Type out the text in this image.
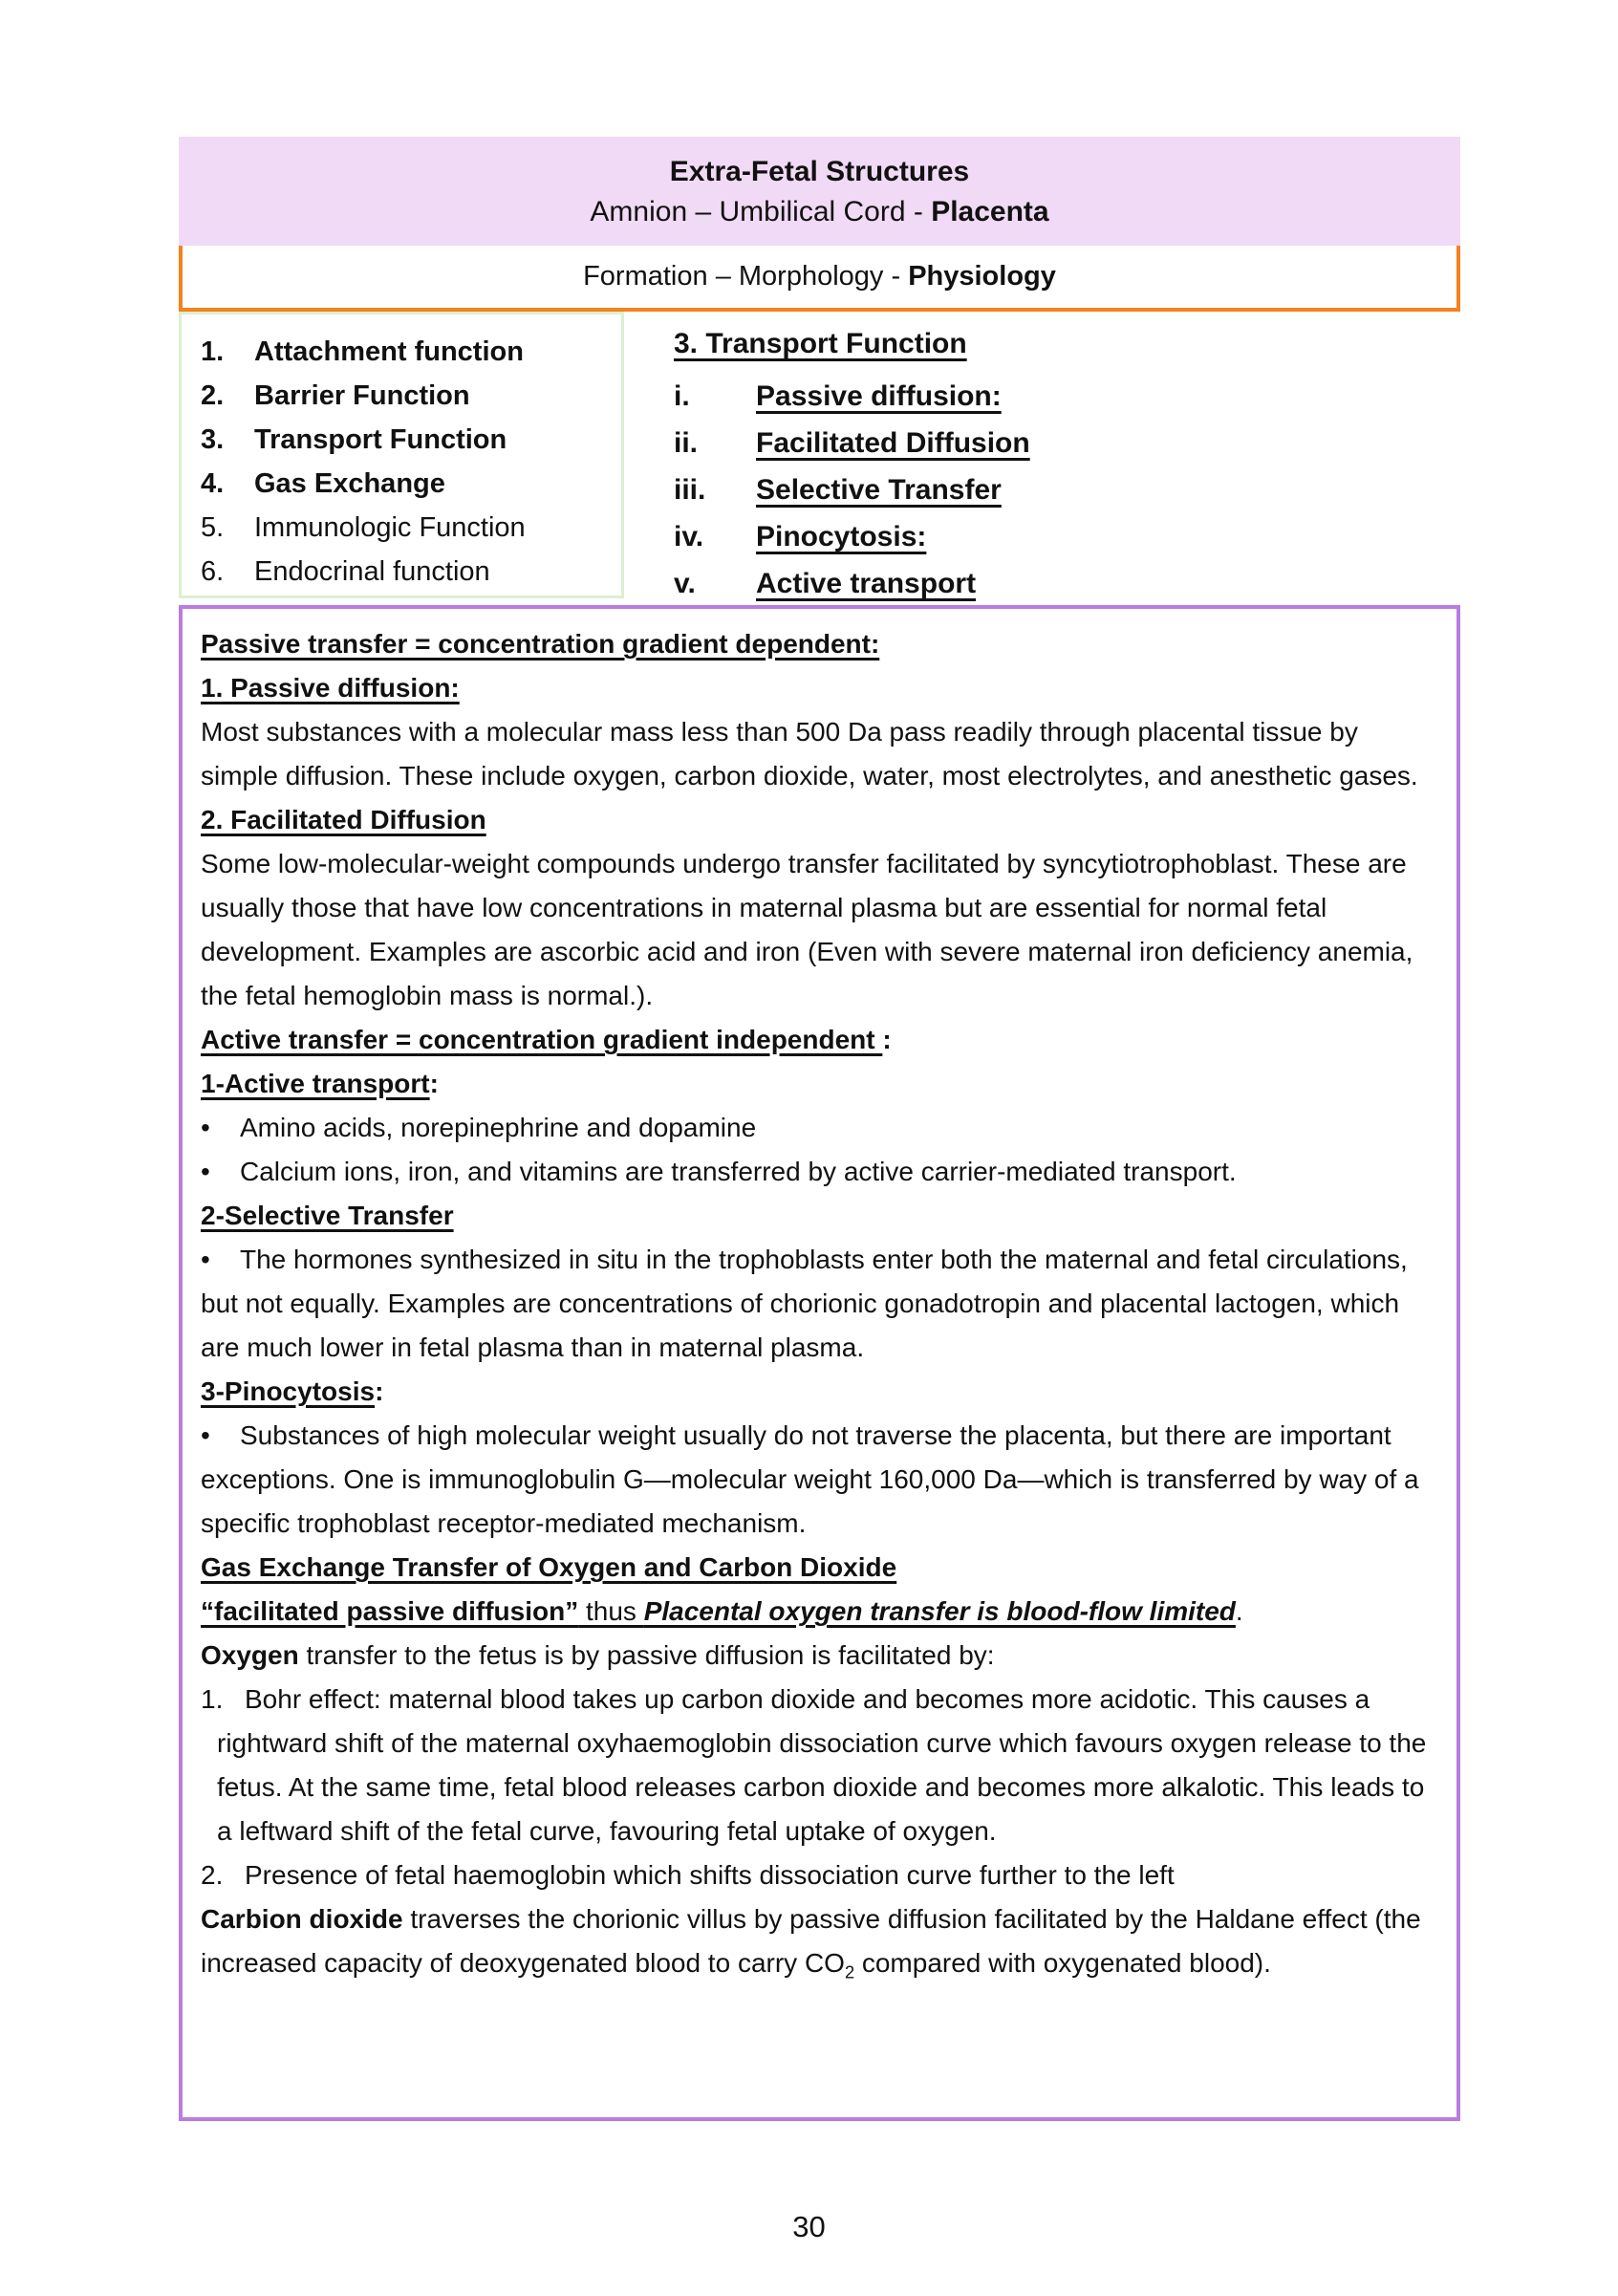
Extra-Fetal Structures
Amnion – Umbilical Cord - Placenta
Formation – Morphology - Physiology
1.	Attachment function
2.	Barrier Function
3.	Transport Function
4.	Gas Exchange
5.	Immunologic Function
6.	Endocrinal function
3. Transport Function
i.	Passive diffusion:
ii.	Facilitated Diffusion
iii.	Selective Transfer
iv.	Pinocytosis:
v.	Active transport
Passive transfer = concentration gradient dependent:
1. Passive diffusion:
Most substances with a molecular mass less than 500 Da pass readily through placental tissue by simple diffusion. These include oxygen, carbon dioxide, water, most electrolytes, and anesthetic gases.
2. Facilitated Diffusion
Some low-molecular-weight compounds undergo transfer facilitated by syncytiotrophoblast. These are usually those that have low concentrations in maternal plasma but are essential for normal fetal development. Examples are ascorbic acid and iron (Even with severe maternal iron deficiency anemia, the fetal hemoglobin mass is normal.).
Active transfer = concentration gradient independent :
1-Active transport:
• Amino acids, norepinephrine and dopamine
• Calcium ions, iron, and vitamins are transferred by active carrier-mediated transport.
2-Selective Transfer
• The hormones synthesized in situ in the trophoblasts enter both the maternal and fetal circulations, but not equally. Examples are concentrations of chorionic gonadotropin and placental lactogen, which are much lower in fetal plasma than in maternal plasma.
3-Pinocytosis:
• Substances of high molecular weight usually do not traverse the placenta, but there are important exceptions. One is immunoglobulin G—molecular weight 160,000 Da—which is transferred by way of a specific trophoblast receptor-mediated mechanism.
Gas Exchange Transfer of Oxygen and Carbon Dioxide
“facilitated passive diffusion” thus Placental oxygen transfer is blood-flow limited.
Oxygen transfer to the fetus is by passive diffusion is facilitated by:
1. Bohr effect: maternal blood takes up carbon dioxide and becomes more acidotic. This causes a rightward shift of the maternal oxyhaemoglobin dissociation curve which favours oxygen release to the fetus. At the same time, fetal blood releases carbon dioxide and becomes more alkalotic. This leads to a leftward shift of the fetal curve, favouring fetal uptake of oxygen.
2. Presence of fetal haemoglobin which shifts dissociation curve further to the left
Carbion dioxide traverses the chorionic villus by passive diffusion facilitated by the Haldane effect (the increased capacity of deoxygenated blood to carry $CO_2$ compared with oxygenated blood).
30
